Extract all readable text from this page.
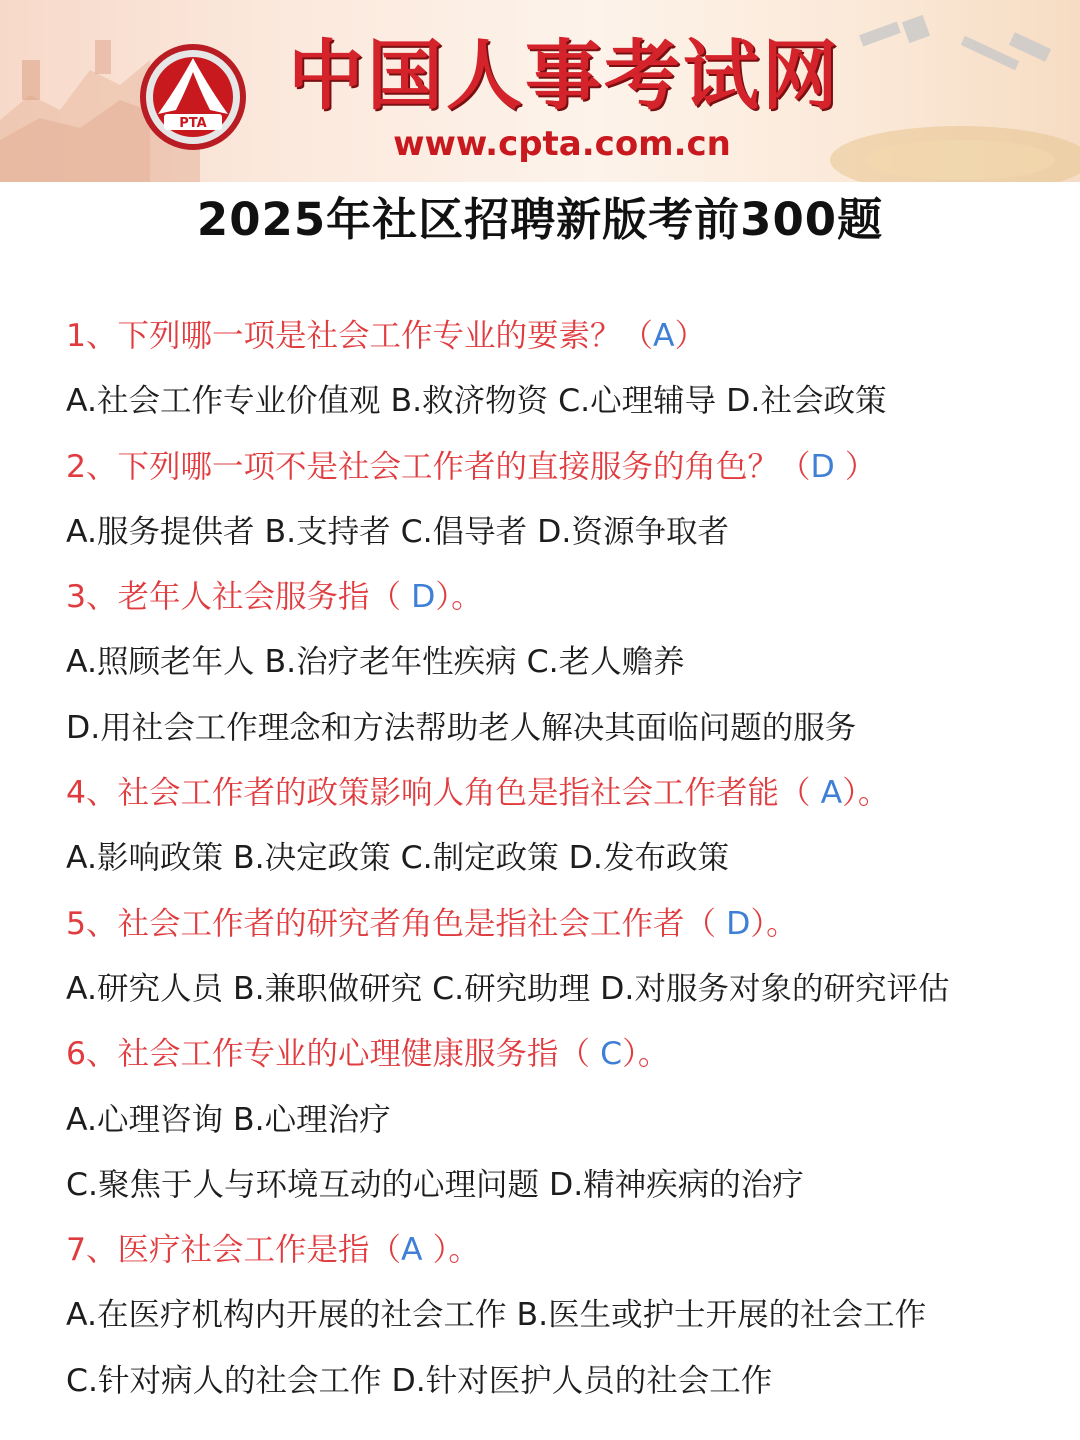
PTA
中国人事考试网
www.cpta.com.cn
2025年社区招聘新版考前300题
1、下列哪一项是社会工作专业的要素？（A）
A.社会工作专业价值观 B.救济物资 C.心理辅导 D.社会政策
2、下列哪一项不是社会工作者的直接服务的角色？（D ）
A.服务提供者 B.支持者 C.倡导者 D.资源争取者
3、老年人社会服务指（ D）。
A.照顾老年人 B.治疗老年性疾病 C.老人赡养
D.用社会工作理念和方法帮助老人解决其面临问题的服务
4、社会工作者的政策影响人角色是指社会工作者能（ A）。
A.影响政策 B.决定政策 C.制定政策 D.发布政策
5、社会工作者的研究者角色是指社会工作者（ D）。
A.研究人员 B.兼职做研究 C.研究助理 D.对服务对象的研究评估
6、社会工作专业的心理健康服务指（ C）。
A.心理咨询 B.心理治疗
C.聚焦于人与环境互动的心理问题 D.精神疾病的治疗
7、医疗社会工作是指（A ）。
A.在医疗机构内开展的社会工作 B.医生或护士开展的社会工作
C.针对病人的社会工作 D.针对医护人员的社会工作
